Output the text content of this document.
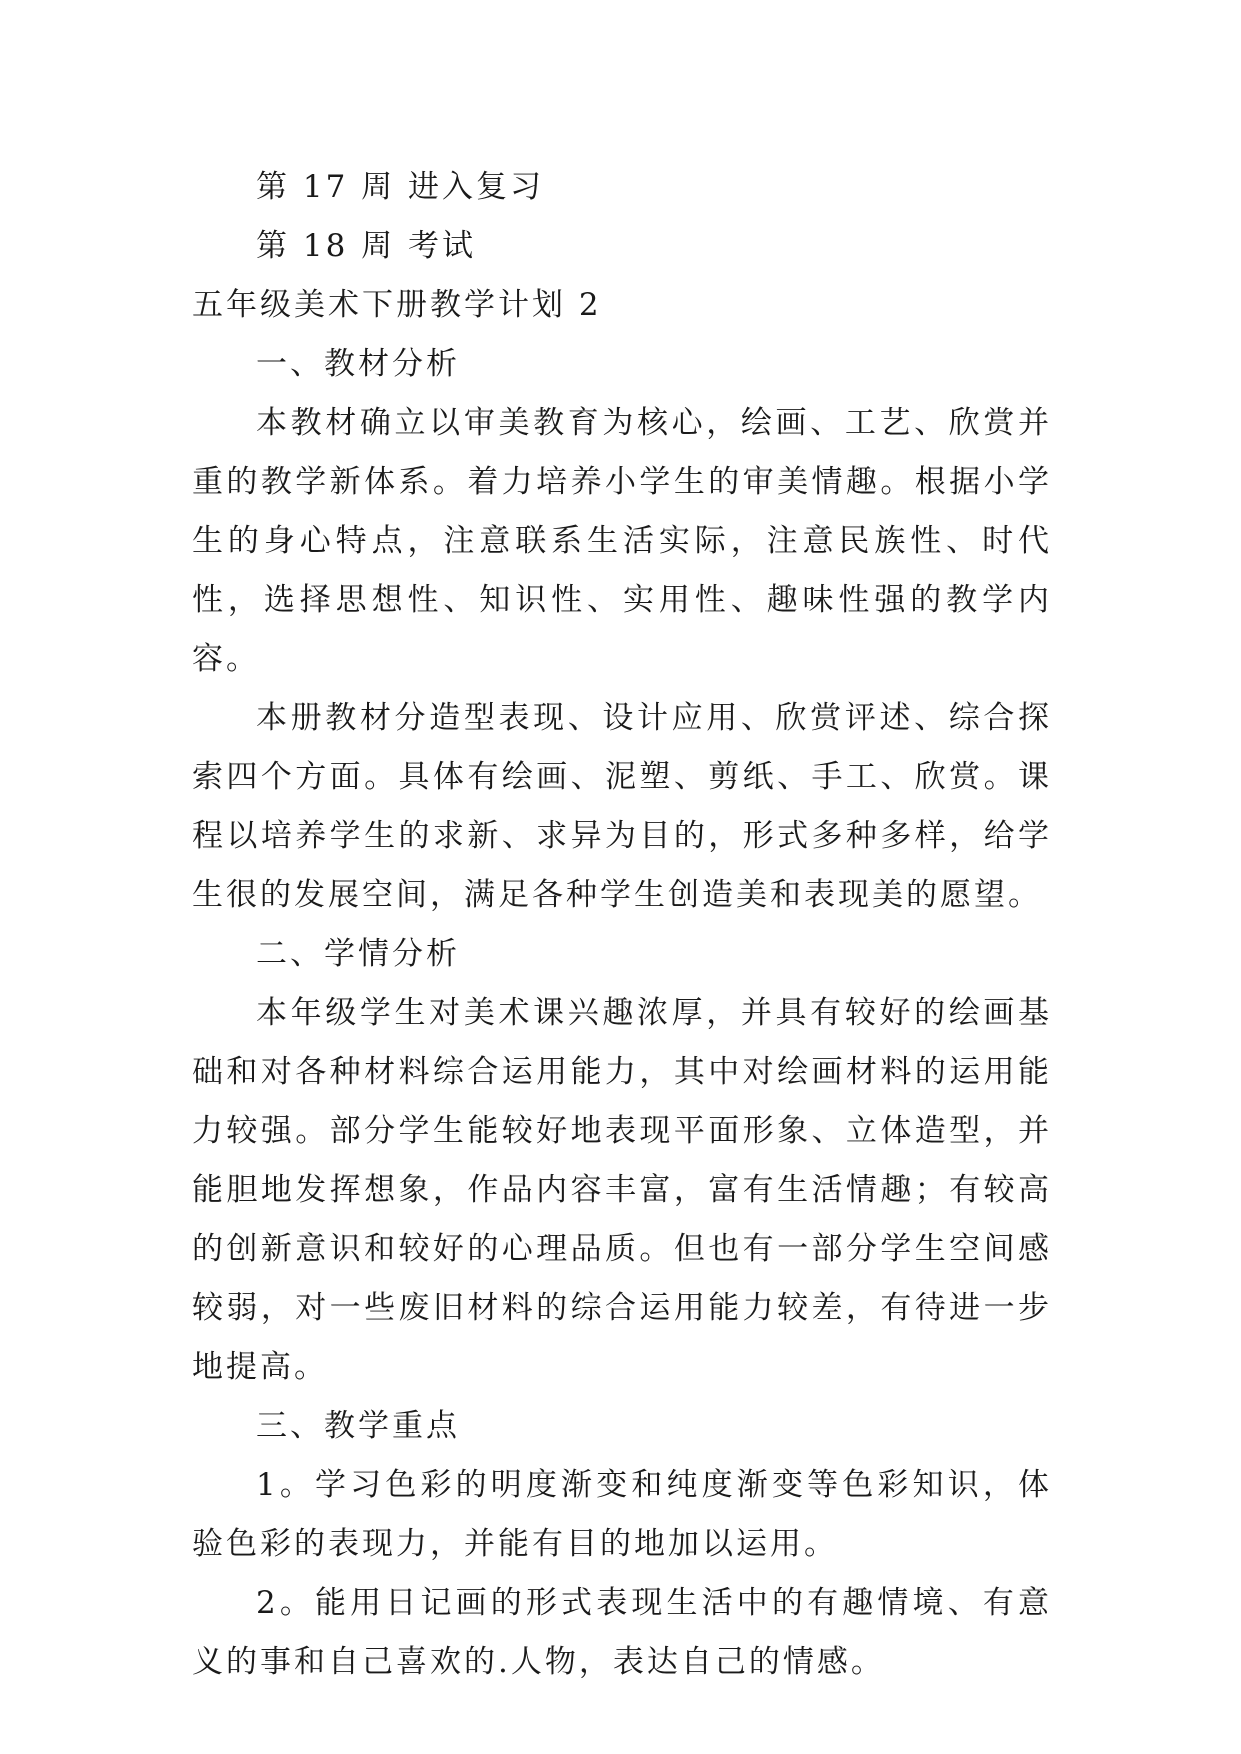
第 17 周 进入复习

第 18 周 考试

五年级美术下册教学计划 2

一、教材分析

本教材确立以审美教育为核心，绘画、工艺、欣赏并重的教学新体系。着力培养小学生的审美情趣。根据小学生的身心特点，注意联系生活实际，注意民族性、时代性，选择思想性、知识性、实用性、趣味性强的教学内容。

本册教材分造型表现、设计应用、欣赏评述、综合探索四个方面。具体有绘画、泥塑、剪纸、手工、欣赏。课程以培养学生的求新、求异为目的，形式多种多样，给学生很的发展空间，满足各种学生创造美和表现美的愿望。

二、学情分析

本年级学生对美术课兴趣浓厚，并具有较好的绘画基础和对各种材料综合运用能力，其中对绘画材料的运用能力较强。部分学生能较好地表现平面形象、立体造型，并能胆地发挥想象，作品内容丰富，富有生活情趣；有较高的创新意识和较好的心理品质。但也有一部分学生空间感较弱，对一些废旧材料的综合运用能力较差，有待进一步地提高。

三、教学重点

1。学习色彩的明度渐变和纯度渐变等色彩知识，体验色彩的表现力，并能有目的地加以运用。

2。能用日记画的形式表现生活中的有趣情境、有意义的事和自己喜欢的.人物，表达自己的情感。
